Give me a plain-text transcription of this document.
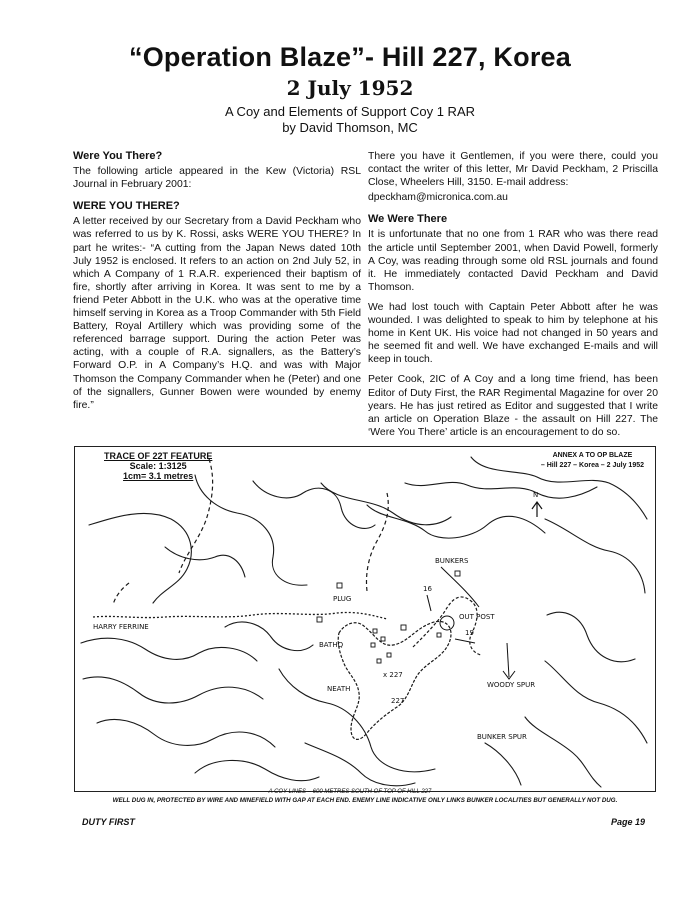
“Operation Blaze”- Hill 227, Korea
2 July 1952
A Coy and Elements of Support Coy 1 RAR
by David Thomson, MC
Were You There?

The following article appeared in the Kew (Victoria) RSL Journal in February 2001:

WERE YOU THERE?

A letter received by our Secretary from a David Peckham who was referred to us by K. Rossi, asks WERE YOU THERE? In part he writes:- “A cutting from the Japan News dated 10th July 1952 is enclosed. It refers to an action on 2nd July 52, in which A Company of 1 R.A.R. experienced their baptism of fire, shortly after arriving in Korea. It was sent to me by a friend Peter Abbott in the U.K. who was at the operative time himself serving in Korea as a Troop Commander with 5th Field Battery, Royal Artillery which was providing some of the referenced barrage support. During the action Peter was acting, with a couple of R.A. signallers, as the Battery’s Forward O.P. in A Company’s H.Q. and was with Major Thomson the Company Commander when he (Peter) and one of the signallers, Gunner Bowen were wounded by enemy fire.”

There you have it Gentlemen, if you were there, could you contact the writer of this letter, Mr David Peckham, 2 Priscilla Close, Wheelers Hill, 3150. E-mail address:

dpeckham@micronica.com.au

We Were There

It is unfortunate that no one from 1 RAR who was there read the article until September 2001, when David Powell, formerly A Coy, was reading through some old RSL journals and found it. He immediately contacted David Peckham and David Thomson.

We had lost touch with Captain Peter Abbott after he was wounded. I was delighted to speak to him by telephone at his home in Kent UK. His voice had not changed in 50 years and he seemed fit and well. We have exchanged E-mails and will keep in touch.

Peter Cook, 2IC of A Coy and a long time friend, has been Editor of Duty First, the RAR Regimental Magazine for over 20 years. He has just retired as Editor and suggested that I write an article on Operation Blaze - the assault on Hill 227. The ‘Were You There’ article is an encouragement to do so.

TRACE OF 22T FEATURE
Scale: 1:3125
1cm= 3.1 metres
ANNEX A TO OP BLAZE
– Hill 227 – Korea – 2 July 1952
N
BUNKERS
OUT POST
PLUG
HARRY FERRINE
BATHQ
NEATH
x 227
227
WOODY SPUR
BUNKER SPUR
16
19
A COY LINES – 600 METRES SOUTH OF TOP OF HILL 227
WELL DUG IN, PROTECTED BY WIRE AND MINEFIELD WITH GAP AT EACH END. ENEMY LINE INDICATIVE ONLY LINKS BUNKER LOCALITIES BUT GENERALLY NOT DUG.
DUTY FIRST	Page 19
